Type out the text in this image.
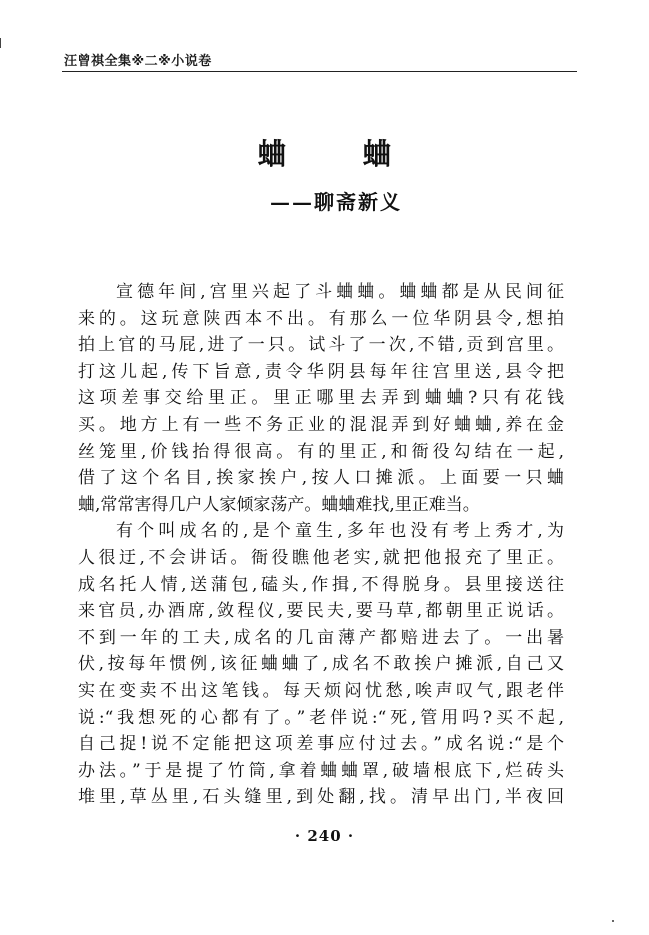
汪曾祺全集※二※小说卷
蛐蛐
——聊斋新义
宣德年间,宫里兴起了斗蛐蛐。蛐蛐都是从民间征
来的。这玩意陕西本不出。有那么一位华阴县令,想拍
拍上官的马屁,进了一只。试斗了一次,不错,贡到宫里。
打这儿起,传下旨意,责令华阴县每年往宫里送,县令把
这项差事交给里正。里正哪里去弄到蛐蛐?只有花钱
买。地方上有一些不务正业的混混弄到好蛐蛐,养在金
丝笼里,价钱抬得很高。有的里正,和衙役勾结在一起,
借了这个名目,挨家挨户,按人口摊派。上面要一只蛐
蛐,常常害得几户人家倾家荡产。蛐蛐难找,里正难当。
有个叫成名的,是个童生,多年也没有考上秀才,为
人很迂,不会讲话。衙役瞧他老实,就把他报充了里正。
成名托人情,送蒲包,磕头,作揖,不得脱身。县里接送往
来官员,办酒席,敛程仪,要民夫,要马草,都朝里正说话。
不到一年的工夫,成名的几亩薄产都赔进去了。一出暑
伏,按每年惯例,该征蛐蛐了,成名不敢挨户摊派,自己又
实在变卖不出这笔钱。每天烦闷忧愁,唉声叹气,跟老伴
说:“我想死的心都有了。”老伴说:“死,管用吗?买不起,
自己捉!说不定能把这项差事应付过去。”成名说:“是个
办法。”于是提了竹筒,拿着蛐蛐罩,破墙根底下,烂砖头
堆里,草丛里,石头缝里,到处翻,找。清早出门,半夜回
· 240 ·
